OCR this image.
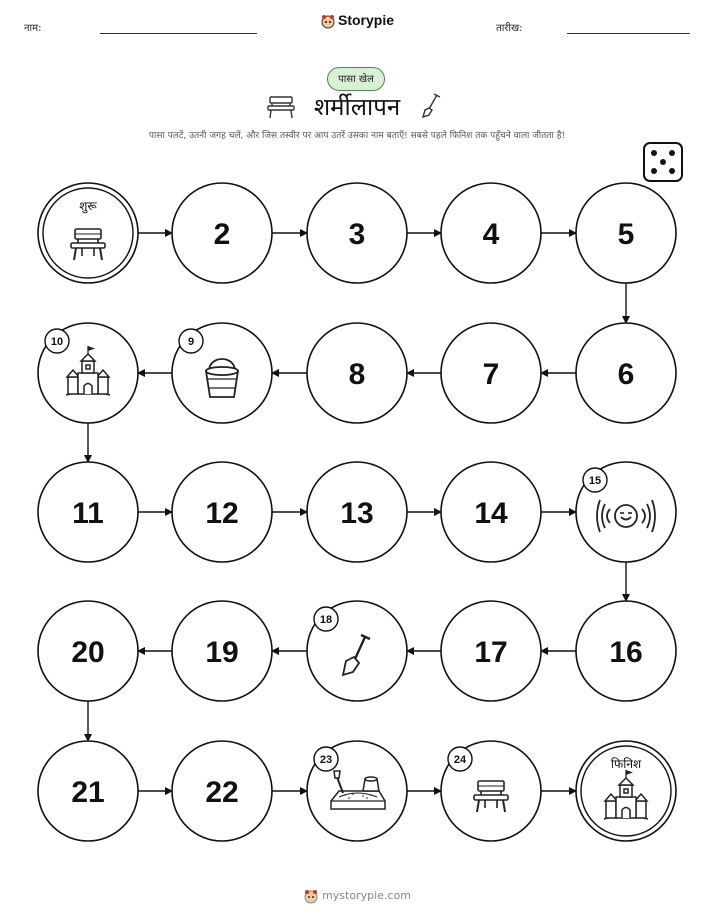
नाम:
Storypie
तारीख:
पासा खेल
शर्मीलापन
पासा पलटें, उतनी जगह चलें, और जिस तस्वीर पर आप उतरें उसका नाम बताएँ! सबसे पहले फिनिश तक पहुँचने वाला जीतता है!
शुरू
2	3	4	5
6
7
8
9
10
11	12	13	14
15
16
17
18
19
20
21	22
23	24	फिनिश
mystorypie.com
